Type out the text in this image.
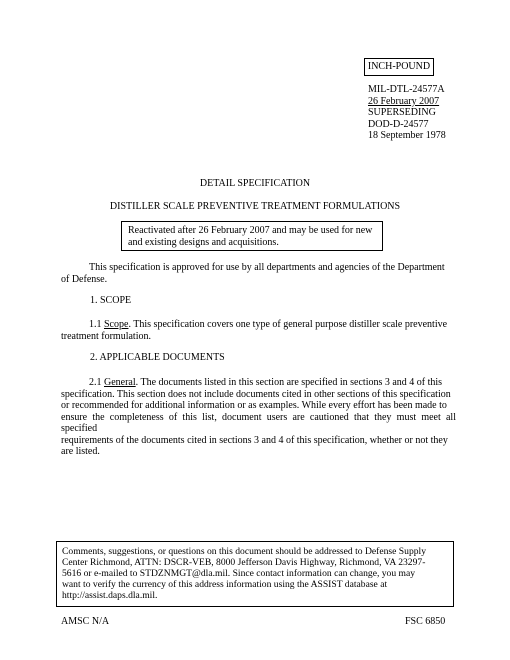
INCH-POUND
MIL-DTL-24577A
26 February 2007
SUPERSEDING
DOD-D-24577
18 September 1978
DETAIL SPECIFICATION
DISTILLER SCALE PREVENTIVE TREATMENT FORMULATIONS
Reactivated after 26 February 2007 and may be used for new
and existing designs and acquisitions.
This specification is approved for use by all departments and agencies of the Department
of Defense.
1. SCOPE
1.1 Scope. This specification covers one type of general purpose distiller scale preventive
treatment formulation.
2. APPLICABLE DOCUMENTS
2.1 General. The documents listed in this section are specified in sections 3 and 4 of this
specification. This section does not include documents cited in other sections of this specification
or recommended for additional information or as examples. While every effort has been made to
ensure the completeness of this list, document users are cautioned that they must meet all specified
requirements of the documents cited in sections 3 and 4 of this specification, whether or not they
are listed.
Comments, suggestions, or questions on this document should be addressed to Defense Supply
Center Richmond, ATTN: DSCR-VEB, 8000 Jefferson Davis Highway, Richmond, VA 23297-
5616 or e-mailed to STDZNMGT@dla.mil. Since contact information can change, you may
want to verify the currency of this address information using the ASSIST database at
http://assist.daps.dla.mil.
AMSC N/A	FSC 6850
